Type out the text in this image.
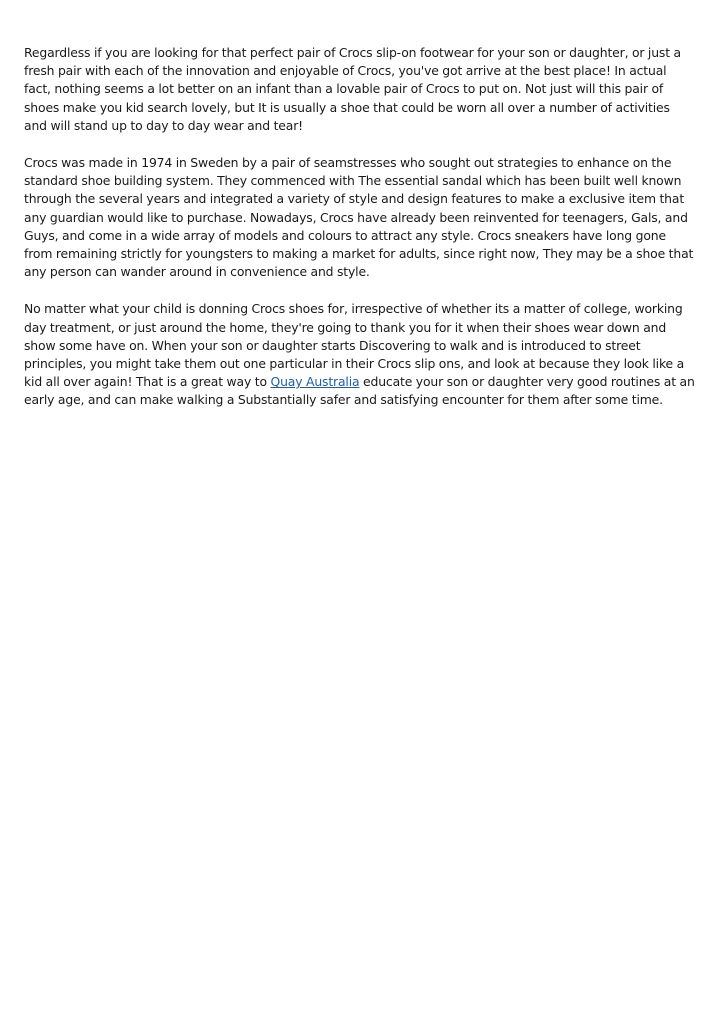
Regardless if you are looking for that perfect pair of Crocs slip-on footwear for your son or daughter, or just a fresh pair with each of the innovation and enjoyable of Crocs, you've got arrive at the best place! In actual fact, nothing seems a lot better on an infant than a lovable pair of Crocs to put on. Not just will this pair of shoes make you kid search lovely, but It is usually a shoe that could be worn all over a number of activities and will stand up to day to day wear and tear!

Crocs was made in 1974 in Sweden by a pair of seamstresses who sought out strategies to enhance on the standard shoe building system. They commenced with The essential sandal which has been built well known through the several years and integrated a variety of style and design features to make a exclusive item that any guardian would like to purchase. Nowadays, Crocs have already been reinvented for teenagers, Gals, and Guys, and come in a wide array of models and colours to attract any style. Crocs sneakers have long gone from remaining strictly for youngsters to making a market for adults, since right now, They may be a shoe that any person can wander around in convenience and style.

No matter what your child is donning Crocs shoes for, irrespective of whether its a matter of college, working day treatment, or just around the home, they're going to thank you for it when their shoes wear down and show some have on. When your son or daughter starts Discovering to walk and is introduced to street principles, you might take them out one particular in their Crocs slip ons, and look at because they look like a kid all over again! That is a great way to Quay Australia educate your son or daughter very good routines at an early age, and can make walking a Substantially safer and satisfying encounter for them after some time.
